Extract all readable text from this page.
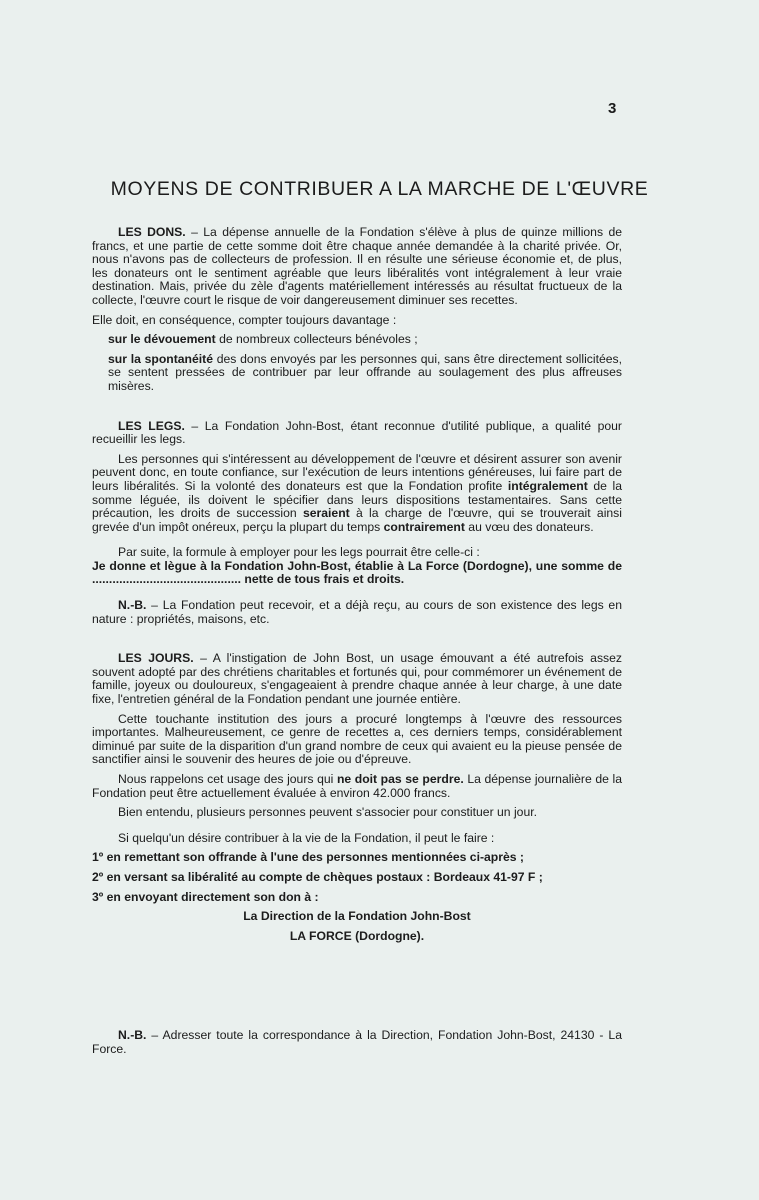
3
MOYENS DE CONTRIBUER A LA MARCHE DE L'ŒUVRE

LES DONS. – La dépense annuelle de la Fondation s'élève à plus de quinze millions de francs, et une partie de cette somme doit être chaque année demandée à la charité privée. Or, nous n'avons pas de collecteurs de profession. Il en résulte une sérieuse économie et, de plus, les donateurs ont le sentiment agréable que leurs libéralités vont intégralement à leur vraie destination. Mais, privée du zèle d'agents matériellement intéressés au résultat fructueux de la collecte, l'œuvre court le risque de voir dangereusement diminuer ses recettes.

Elle doit, en conséquence, compter toujours davantage :

sur le dévouement de nombreux collecteurs bénévoles ;

sur la spontanéité des dons envoyés par les personnes qui, sans être directement sollicitées, se sentent pressées de contribuer par leur offrande au soulagement des plus affreuses misères.

LES LEGS. – La Fondation John-Bost, étant reconnue d'utilité publique, a qualité pour recueillir les legs.

Les personnes qui s'intéressent au développement de l'œuvre et désirent assurer son avenir peuvent donc, en toute confiance, sur l'exécution de leurs intentions généreuses, lui faire part de leurs libéralités. Si la volonté des donateurs est que la Fondation profite intégralement de la somme léguée, ils doivent le spécifier dans leurs dispositions testamentaires. Sans cette précaution, les droits de succession seraient à la charge de l'œuvre, qui se trouverait ainsi grevée d'un impôt onéreux, perçu la plupart du temps contrairement au vœu des donateurs.

Par suite, la formule à employer pour les legs pourrait être celle-ci :

Je donne et lègue à la Fondation John-Bost, établie à La Force (Dordogne), une somme de ............................................ nette de tous frais et droits.

N.-B. – La Fondation peut recevoir, et a déjà reçu, au cours de son existence des legs en nature : propriétés, maisons, etc.

LES JOURS. – A l'instigation de John Bost, un usage émouvant a été autrefois assez souvent adopté par des chrétiens charitables et fortunés qui, pour commémorer un événement de famille, joyeux ou douloureux, s'engageaient à prendre chaque année à leur charge, à une date fixe, l'entretien général de la Fondation pendant une journée entière.

Cette touchante institution des jours a procuré longtemps à l'œuvre des ressources importantes. Malheureusement, ce genre de recettes a, ces derniers temps, considérablement diminué par suite de la disparition d'un grand nombre de ceux qui avaient eu la pieuse pensée de sanctifier ainsi le souvenir des heures de joie ou d'épreuve.

Nous rappelons cet usage des jours qui ne doit pas se perdre. La dépense journalière de la Fondation peut être actuellement évaluée à environ 42.000 francs.

Bien entendu, plusieurs personnes peuvent s'associer pour constituer un jour.

Si quelqu'un désire contribuer à la vie de la Fondation, il peut le faire :

1º en remettant son offrande à l'une des personnes mentionnées ci-après ;

2º en versant sa libéralité au compte de chèques postaux : Bordeaux 41-97 F ;

3º en envoyant directement son don à :

La Direction de la Fondation John-Bost

LA FORCE (Dordogne).

N.-B. – Adresser toute la correspondance à la Direction, Fondation John-Bost, 24130 - La Force.
